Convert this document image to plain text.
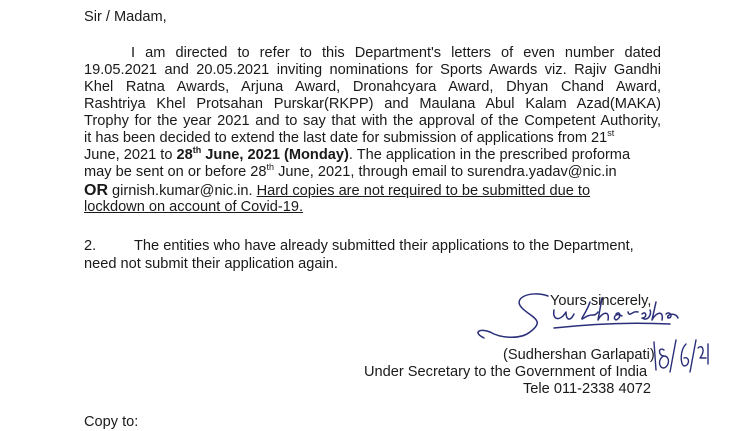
Sir / Madam,
I am directed to refer to this Department's letters of even number dated
19.05.2021 and 20.05.2021 inviting nominations for Sports Awards viz. Rajiv Gandhi
Khel Ratna Awards, Arjuna Award, Dronahcyara Award, Dhyan Chand Award,
Rashtriya Khel Protsahan Purskar(RKPP) and Maulana Abul Kalam Azad(MAKA)
Trophy for the year 2021 and to say that with the approval of the Competent Authority,
it has been decided to extend the last date for submission of applications from 21st
June, 2021 to 28th June, 2021 (Monday). The application in the prescribed proforma
may be sent on or before 28th June, 2021, through email to surendra.yadav@nic.in
OR girnish.kumar@nic.in. Hard copies are not required to be submitted due to
lockdown on account of Covid-19.
2.	The entities who have already submitted their applications to the Department,
need not submit their application again.
Yours sincerely,
(Sudhershan Garlapati)
Under Secretary to the Government of India
Tele 011-2338 4072
Copy to:
